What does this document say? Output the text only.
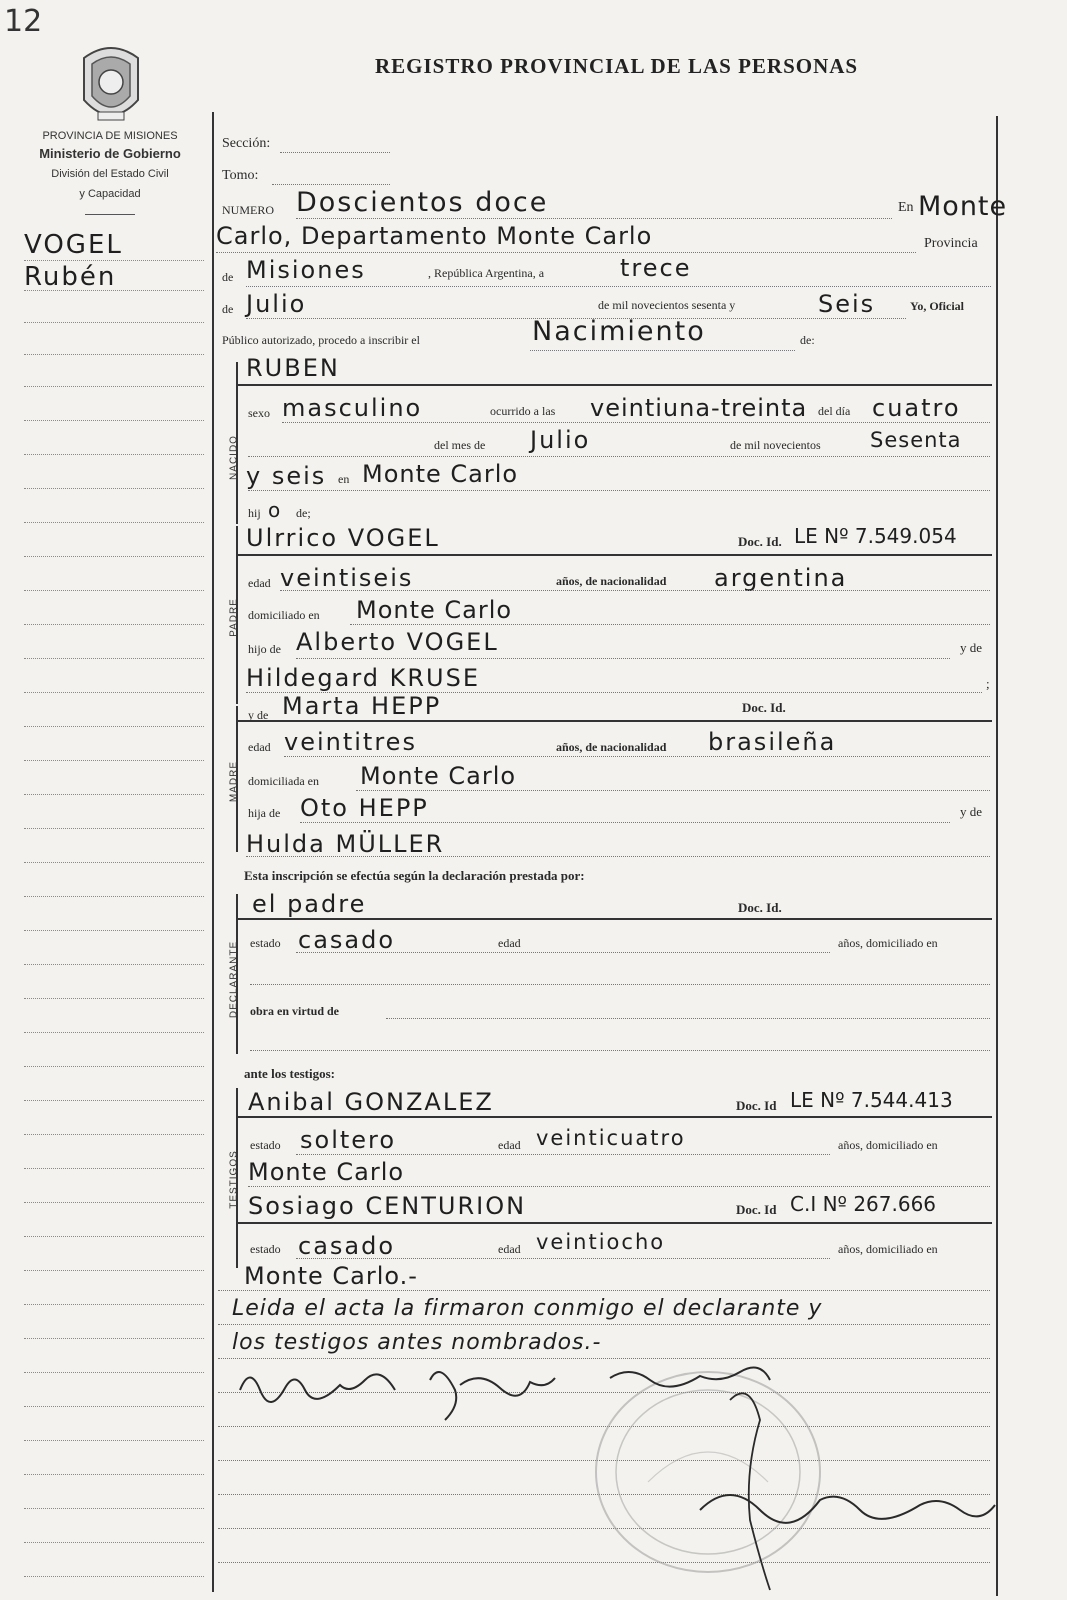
12
PROVINCIA DE MISIONES
Ministerio de Gobierno
División del Estado Civil
y Capacidad
REGISTRO PROVINCIAL DE LAS PERSONAS
VOGEL
Rubén
Sección:
Tomo:
NUMERO Doscientos doce	En Monte
Carlo, Departamento Monte Carlo	Provincia
de Misiones	, República Argentina, a	trece
de Julio	de mil novecientos sesenta y	Seis	Yo, Oficial
Público autorizado, procedo a inscribir el	Nacimiento	de:
NACIDO
RUBEN
sexo masculino	ocurrido a las veintiuna-treinta del día cuatro
del mes de Julio	de mil novecientos Sesenta
y seis en Monte Carlo
hij o de;
PADRE
Ulrrico VOGEL	Doc. Id. LE Nº 7.549.054
edad veintiseis	años, de nacionalidad argentina
domiciliado en Monte Carlo
hijo de Alberto VOGEL	y de
Hildegard KRUSE	;
MADRE
y de Marta HEPP	Doc. Id.
edad veintitres	años, de nacionalidad brasileña
domiciliada en Monte Carlo
hija de Oto HEPP	y de
Hulda MÜLLER
Esta inscripción se efectúa según la declaración prestada por:
DECLARANTE
el padre	Doc. Id.
estado casado	edad	años, domiciliado en
obra en virtud de
ante los testigos:
TESTIGOS
Anibal GONZALEZ	Doc. Id LE Nº 7.544.413
estado soltero	edad veinticuatro	años, domiciliado en
Monte Carlo
Sosiago CENTURION	Doc. Id C.I Nº 267.666
estado casado	edad veintiocho	años, domiciliado en
Monte Carlo.-
Leida el acta la firmaron conmigo el declarante y
los testigos antes nombrados.-
